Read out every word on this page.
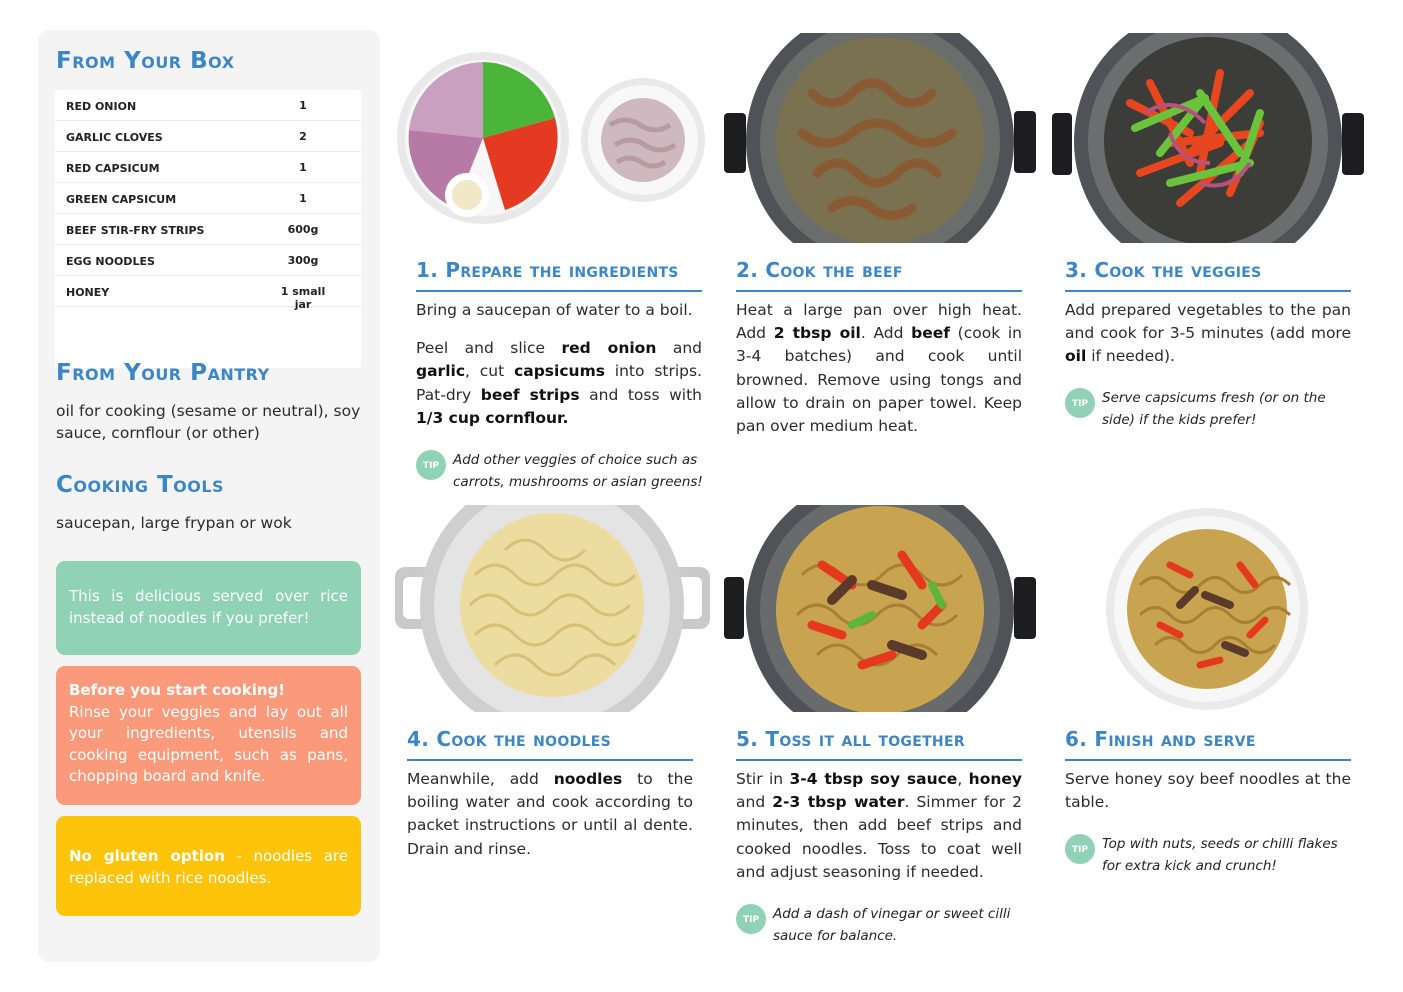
From Your Box
RED ONION	1
GARLIC CLOVES	2
RED CAPSICUM	1
GREEN CAPSICUM	1
BEEF STIR-FRY STRIPS	600g
EGG NOODLES	300g
HONEY	1 small jar
From Your Pantry
oil for cooking (sesame or neutral), soy sauce, cornflour (or other)
Cooking Tools
saucepan, large frypan or wok
This is delicious served over rice instead of noodles if you prefer!
Before you start cooking!
Rinse your veggies and lay out all your ingredients, utensils and cooking equipment, such as pans, chopping board and knife.
No gluten option - noodles are replaced with rice noodles.
1. Prepare the ingredients

Bring a saucepan of water to a boil.

Peel and slice red onion and garlic, cut capsicums into strips. Pat-dry beef strips and toss with 1/3 cup cornflour.

tip	Add other veggies of choice such as carrots, mushrooms or asian greens!
2. Cook the beef

Heat a large pan over high heat. Add 2 tbsp oil. Add beef (cook in 3-4 batches) and cook until browned. Remove using tongs and allow to drain on paper towel. Keep pan over medium heat.

3. Cook the veggies

Add prepared vegetables to the pan and cook for 3-5 minutes (add more oil if needed).

tip	Serve capsicums fresh (or on the side) if the kids prefer!
4. Cook the noodles

Meanwhile, add noodles to the boiling water and cook according to packet instructions or until al dente. Drain and rinse.

5. Toss it all together

Stir in 3-4 tbsp soy sauce, honey and 2-3 tbsp water. Simmer for 2 minutes, then add beef strips and cooked noodles. Toss to coat well and adjust seasoning if needed.

tip	Add a dash of vinegar or sweet cilli sauce for balance.
6. Finish and serve

Serve honey soy beef noodles at the table.

tip	Top with nuts, seeds or chilli flakes for extra kick and crunch!
